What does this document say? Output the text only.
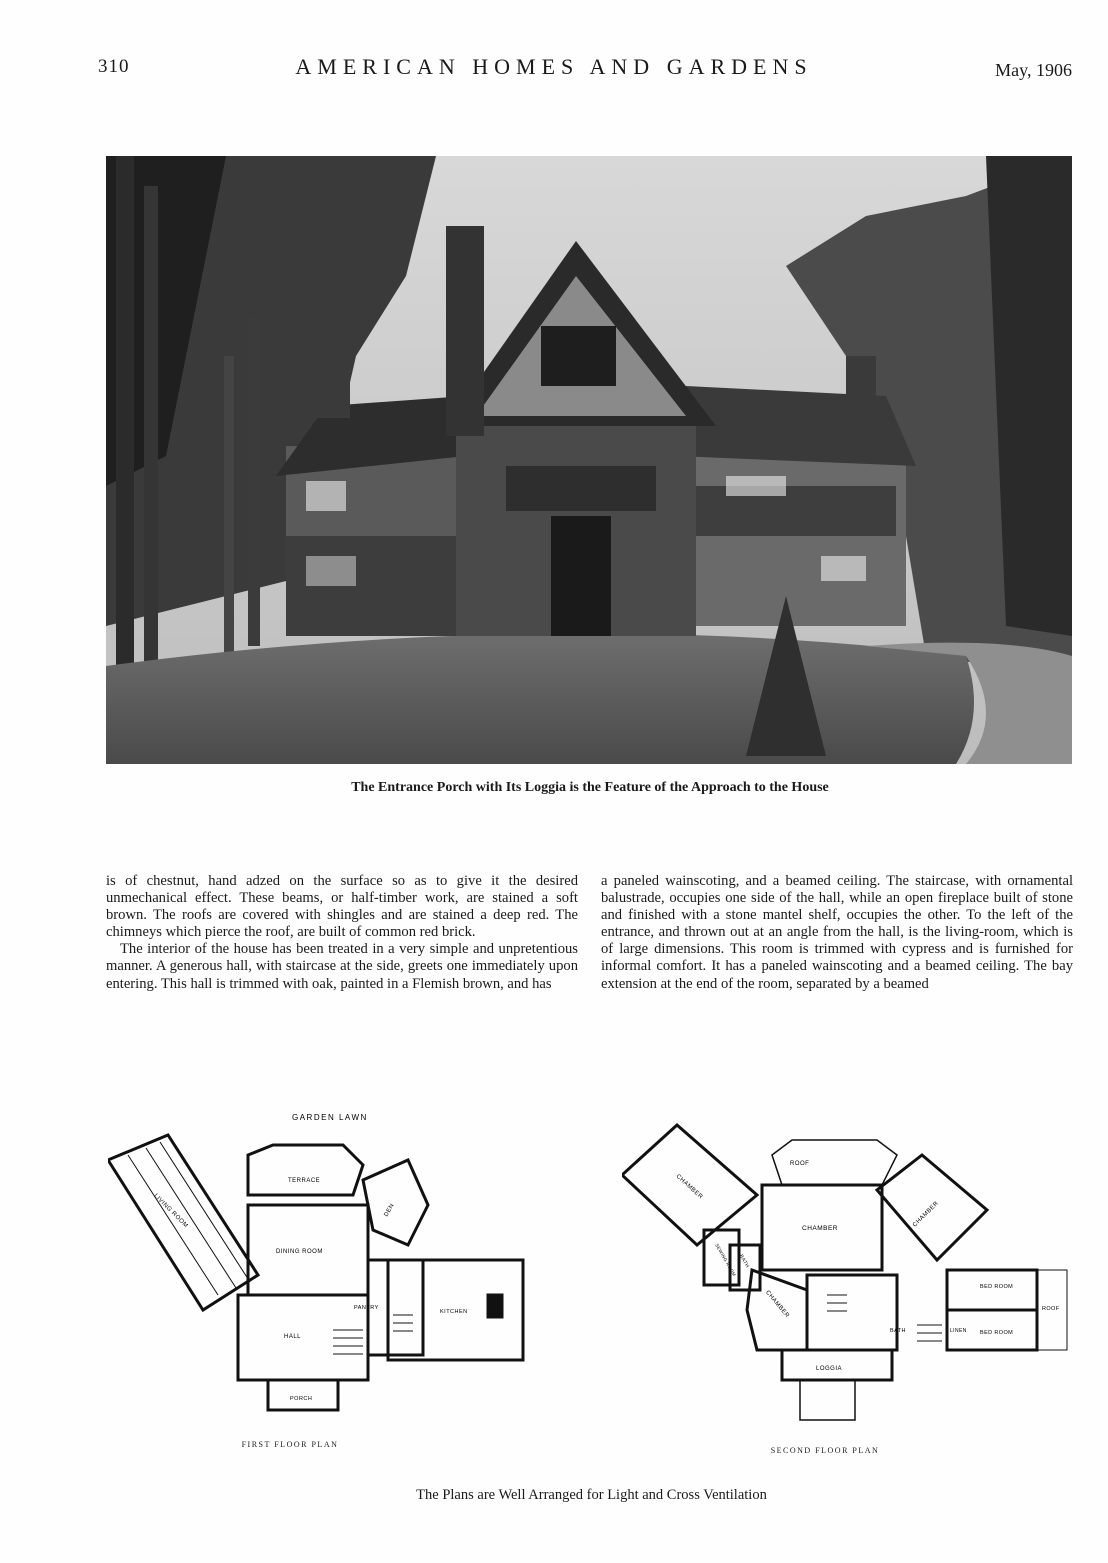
310	AMERICAN HOMES AND GARDENS	May, 1906
The Entrance Porch with Its Loggia is the Feature of the Approach to the House

is of chestnut, hand adzed on the surface so as to give it the desired unmechanical effect. These beams, or half-timber work, are stained a soft brown. The roofs are covered with shingles and are stained a deep red. The chimneys which pierce the roof, are built of common red brick.

The interior of the house has been treated in a very simple and unpretentious manner. A generous hall, with staircase at the side, greets one immediately upon entering. This hall is trimmed with oak, painted in a Flemish brown, and has

a paneled wainscoting, and a beamed ceiling. The staircase, with ornamental balustrade, occupies one side of the hall, while an open fireplace built of stone and finished with a stone mantel shelf, occupies the other. To the left of the entrance, and thrown out at an angle from the hall, is the living-room, which is of large dimensions. This room is trimmed with cypress and is furnished for informal comfort. It has a paneled wainscoting and a beamed ceiling. The bay extension at the end of the room, separated by a beamed

GARDEN LAWN
TERRACE
LIVING ROOM	DEN
DINING ROOM
PANTRY
KITCHEN
HALL
PORCH
FIRST FLOOR PLAN
ROOF
CHAMBER
CHAMBER
CHAMBER
SEWING ROOM BATH
CHAMBER
BED ROOM
BED ROOM
ROOF
BATH	LINEN
LOGGIA
SECOND FLOOR PLAN
The Plans are Well Arranged for Light and Cross Ventilation
